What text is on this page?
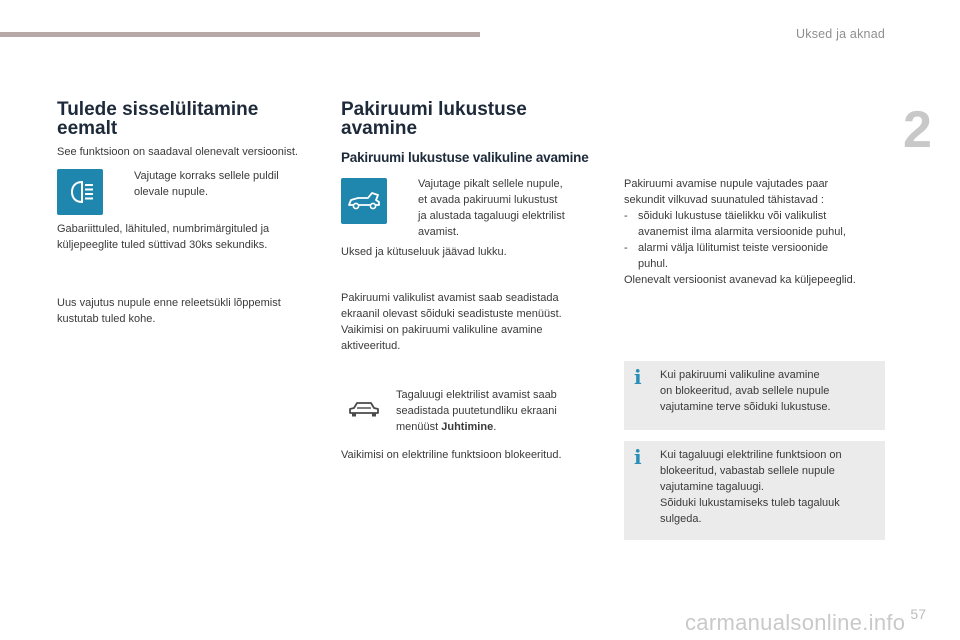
Uksed ja aknad
2
Tulede sisselülitamine
eemalt
See funktsioon on saadaval olenevalt versioonist.
Vajutage korraks sellele puldil
olevale nupule.
Gabariittuled, lähituled, numbrimärgituled ja
küljepeeglite tuled süttivad 30ks sekundiks.
Uus vajutus nupule enne releetsükli lõppemist
kustutab tuled kohe.
Pakiruumi lukustuse
avamine
Pakiruumi lukustuse valikuline avamine
Vajutage pikalt sellele nupule,
et avada pakiruumi lukustust
ja alustada tagaluugi elektrilist
avamist.
Uksed ja kütuseluuk jäävad lukku.
Pakiruumi valikulist avamist saab seadistada
ekraanil olevast sõiduki seadistuste menüüst.
Vaikimisi on pakiruumi valikuline avamine
aktiveeritud.
Tagaluugi elektrilist avamist saab
seadistada puutetundliku ekraani
menüüst Juhtimine.
Vaikimisi on elektriline funktsioon blokeeritud.
Pakiruumi avamise nupule vajutades paar
sekundit vilkuvad suunatuled tähistavad :
- sõiduki lukustuse täielikku või valikulist
avanemist ilma alarmita versioonide puhul,
- alarmi välja lülitumist teiste versioonide
puhul.
Olenevalt versioonist avanevad ka küljepeeglid.
i Kui pakiruumi valikuline avamine
on blokeeritud, avab sellele nupule
vajutamine terve sõiduki lukustuse.
i Kui tagaluugi elektriline funktsioon on
blokeeritud, vabastab sellele nupule
vajutamine tagaluugi.
Sõiduki lukustamiseks tuleb tagaluuk
sulgeda.
57
carmanualsonline.info
